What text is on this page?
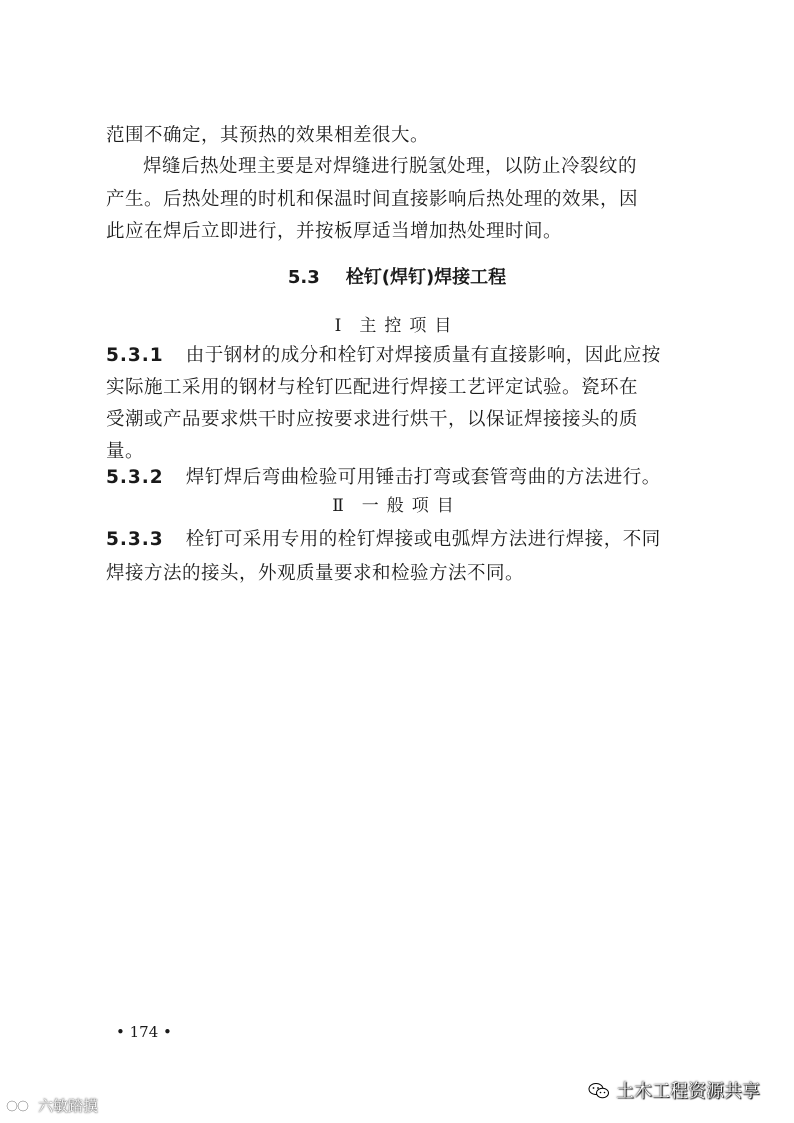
范围不确定，其预热的效果相差很大。
焊缝后热处理主要是对焊缝进行脱氢处理，以防止冷裂纹的
产生。后热处理的时机和保温时间直接影响后热处理的效果，因
此应在焊后立即进行，并按板厚适当增加热处理时间。
5.3 栓钉(焊钉)焊接工程
Ⅰ 主控项目
5.3.1 由于钢材的成分和栓钉对焊接质量有直接影响，因此应按
实际施工采用的钢材与栓钉匹配进行焊接工艺评定试验。瓷环在
受潮或产品要求烘干时应按要求进行烘干，以保证焊接接头的质
量。
5.3.2 焊钉焊后弯曲检验可用锤击打弯或套管弯曲的方法进行。
Ⅱ 一般项目
5.3.3 栓钉可采用专用的栓钉焊接或电弧焊方法进行焊接，不同
焊接方法的接头，外观质量要求和检验方法不同。
• 174 •
土木工程资源共享
六敏踏摸
